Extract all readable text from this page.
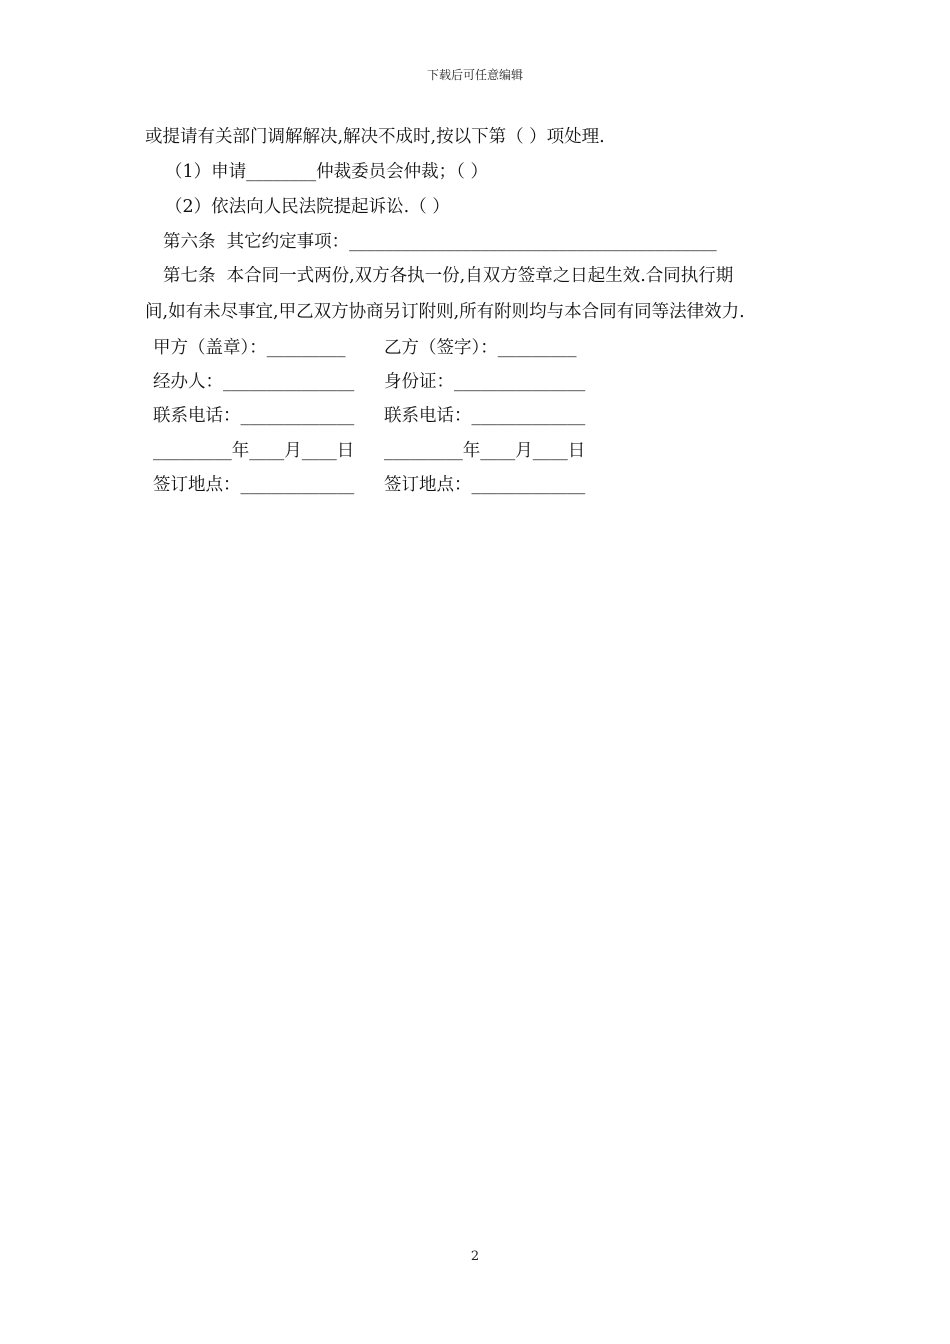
下载后可任意编辑
或提请有关部门调解解决,解决不成时,按以下第（ ）项处理.
（1）申请________仲裁委员会仲裁；（ ）
（2）依法向人民法院提起诉讼.（ ）
第六条  其它约定事项：__________________________________________
第七条  本合同一式两份,双方各执一份,自双方签章之日起生效.合同执行期
间,如有未尽事宜,甲乙双方协商另订附则,所有附则均与本合同有同等法律效力.
甲方（盖章）：_________ 乙方（签字）：_________
经办人：_______________ 身份证：_______________
联系电话：_____________ 联系电话：_____________
_________年____月____日 _________年____月____日
签订地点：_____________ 签订地点：_____________
2
